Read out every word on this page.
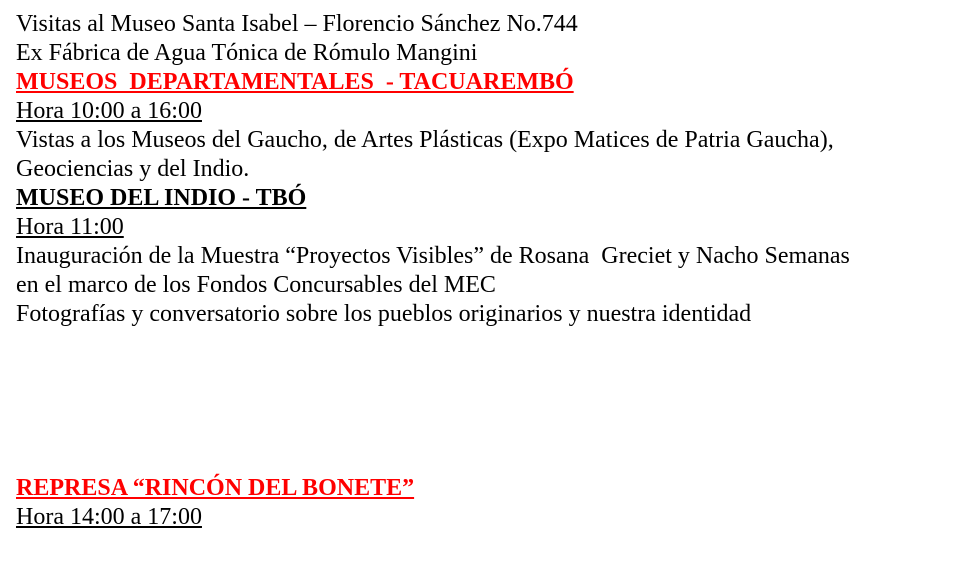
Visitas al Museo Santa Isabel – Florencio Sánchez No.744
Ex Fábrica de Agua Tónica de Rómulo Mangini
MUSEOS  DEPARTAMENTALES  - TACUAREMBÓ
Hora 10:00 a 16:00
Vistas a los Museos del Gaucho, de Artes Plásticas (Expo Matices de Patria Gaucha),
Geociencias y del Indio.
MUSEO DEL INDIO - TBÓ
Hora 11:00
Inauguración de la Muestra “Proyectos Visibles” de Rosana  Greciet y Nacho Semanas
en el marco de los Fondos Concursables del MEC
Fotografías y conversatorio sobre los pueblos originarios y nuestra identidad
REPRESA “RINCÓN DEL BONETE”
Hora 14:00 a 17:00
